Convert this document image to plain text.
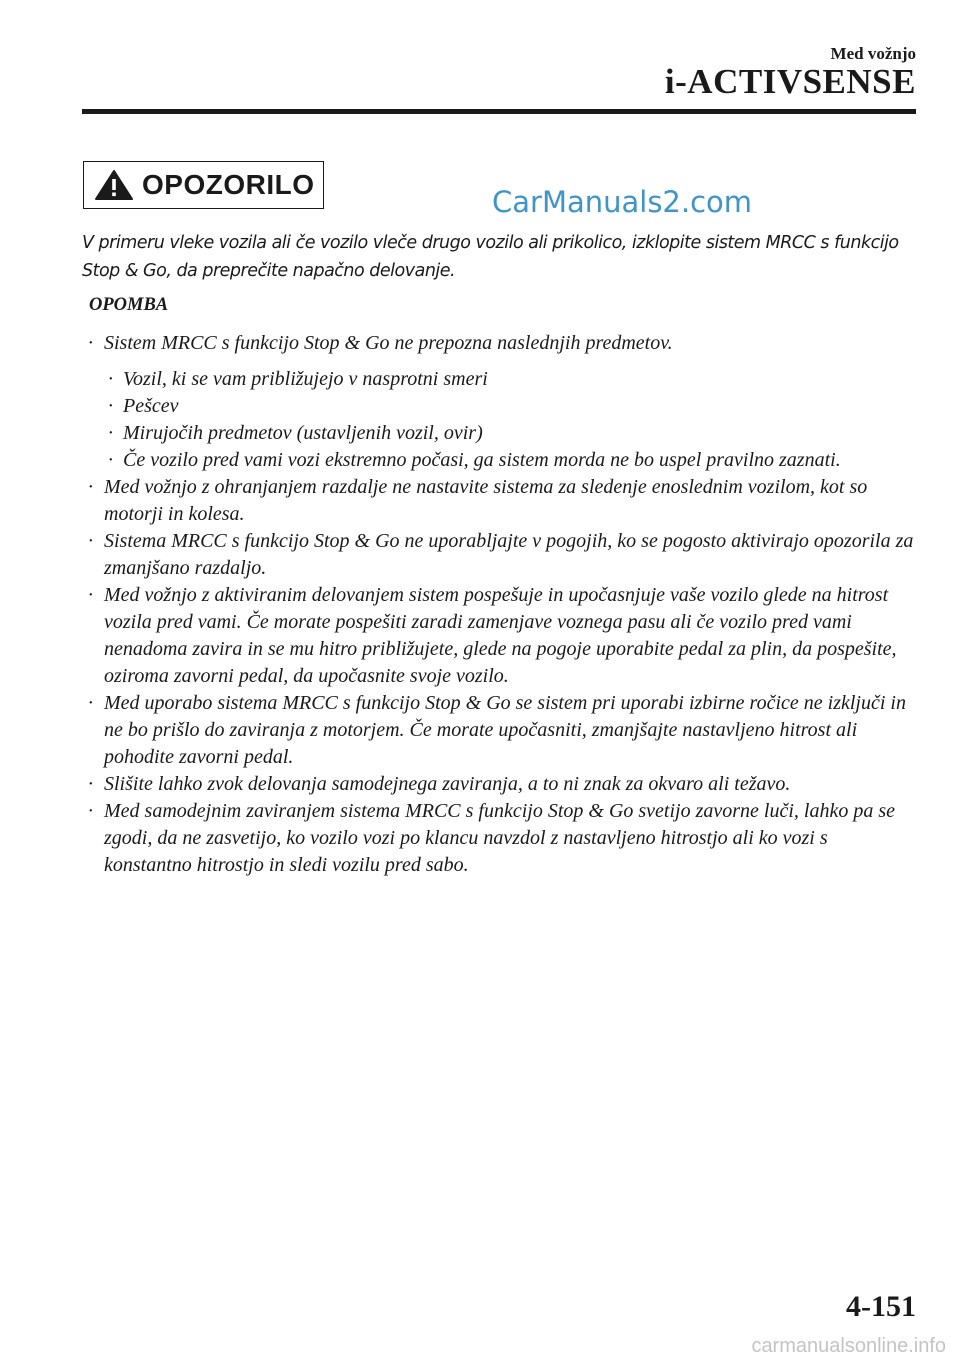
Med vožnjo
i-ACTIVSENSE
OPOZORILO
CarManuals2.com
V primeru vleke vozila ali če vozilo vleče drugo vozilo ali prikolico, izklopite sistem MRCC s funkcijo Stop & Go, da preprečite napačno delovanje.
OPOMBA
· Sistem MRCC s funkcijo Stop & Go ne prepozna naslednjih predmetov.
· Vozil, ki se vam približujejo v nasprotni smeri
· Pešcev
· Mirujočih predmetov (ustavljenih vozil, ovir)
· Če vozilo pred vami vozi ekstremno počasi, ga sistem morda ne bo uspel pravilno zaznati.
· Med vožnjo z ohranjanjem razdalje ne nastavite sistema za sledenje enoslednim vozilom, kot so motorji in kolesa.
· Sistema MRCC s funkcijo Stop & Go ne uporabljajte v pogojih, ko se pogosto aktivirajo opozorila za zmanjšano razdaljo.
· Med vožnjo z aktiviranim delovanjem sistem pospešuje in upočasnjuje vaše vozilo glede na hitrost vozila pred vami. Če morate pospešiti zaradi zamenjave voznega pasu ali če vozilo pred vami nenadoma zavira in se mu hitro približujete, glede na pogoje uporabite pedal za plin, da pospešite, oziroma zavorni pedal, da upočasnite svoje vozilo.
· Med uporabo sistema MRCC s funkcijo Stop & Go se sistem pri uporabi izbirne ročice ne izključi in ne bo prišlo do zaviranja z motorjem. Če morate upočasniti, zmanjšajte nastavljeno hitrost ali pohodite zavorni pedal.
· Slišite lahko zvok delovanja samodejnega zaviranja, a to ni znak za okvaro ali težavo.
· Med samodejnim zaviranjem sistema MRCC s funkcijo Stop & Go svetijo zavorne luči, lahko pa se zgodi, da ne zasvetijo, ko vozilo vozi po klancu navzdol z nastavljeno hitrostjo ali ko vozi s konstantno hitrostjo in sledi vozilu pred sabo.
4-151
carmanualsonline.info
